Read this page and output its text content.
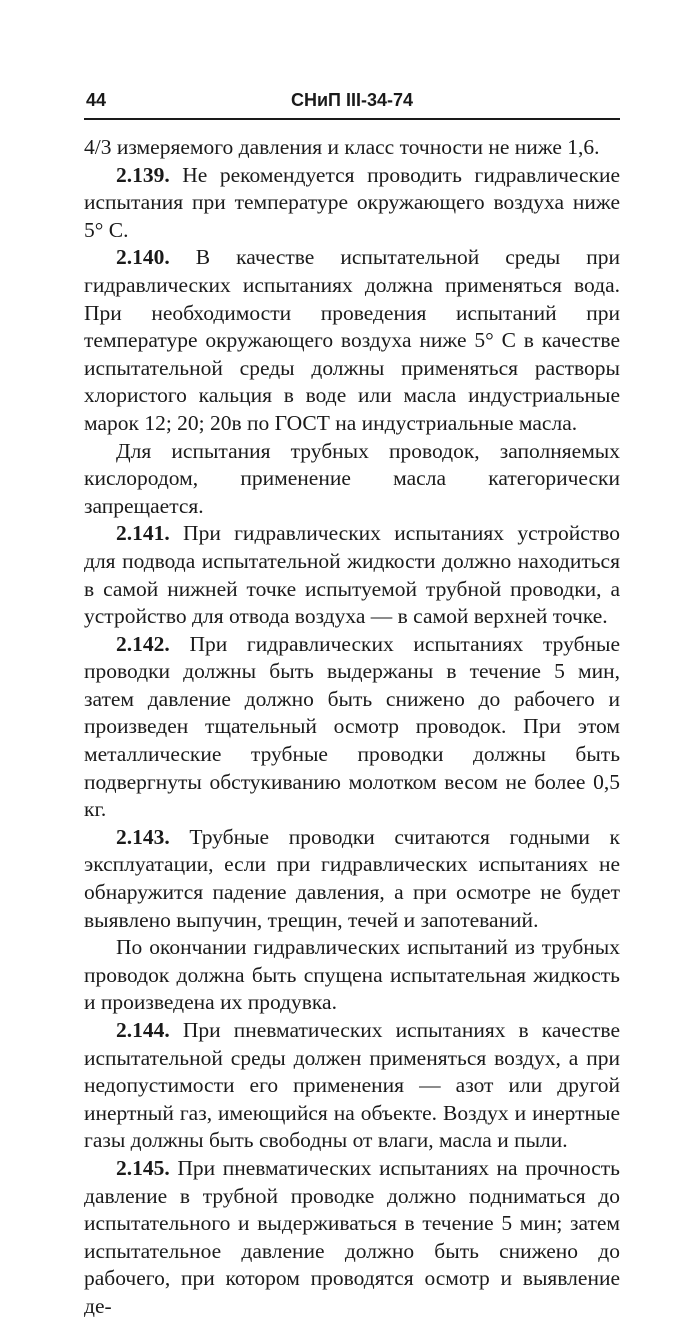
44	СНиП III-34-74

4/3 измеряемого давления и класс точности не ниже 1,6.

2.139. Не рекомендуется проводить гидравлические испытания при температуре окружающего воздуха ниже 5° С.

2.140. В качестве испытательной среды при гидравлических испытаниях должна применяться вода. При необходимости проведения испытаний при температуре окружающего воздуха ниже 5° С в качестве испытательной среды должны применяться растворы хлористого кальция в воде или масла индустриальные марок 12; 20; 20в по ГОСТ на индустриальные масла.

Для испытания трубных проводок, заполняемых кислородом, применение масла категорически запрещается.

2.141. При гидравлических испытаниях устройство для подвода испытательной жидкости должно находиться в самой нижней точке испытуемой трубной проводки, а устройство для отвода воздуха — в самой верхней точке.

2.142. При гидравлических испытаниях трубные проводки должны быть выдержаны в течение 5 мин, затем давление должно быть снижено до рабочего и произведен тщательный осмотр проводок. При этом металлические трубные проводки должны быть подвергнуты обстукиванию молотком весом не более 0,5 кг.

2.143. Трубные проводки считаются годными к эксплуатации, если при гидравлических испытаниях не обнаружится падение давления, а при осмотре не будет выявлено выпучин, трещин, течей и запотеваний.

По окончании гидравлических испытаний из трубных проводок должна быть спущена испытательная жидкость и произведена их продувка.

2.144. При пневматических испытаниях в качестве испытательной среды должен применяться воздух, а при недопустимости его применения — азот или другой инертный газ, имеющийся на объекте. Воздух и инертные газы должны быть свободны от влаги, масла и пыли.

2.145. При пневматических испытаниях на прочность давление в трубной проводке должно подниматься до испытательного и выдерживаться в течение 5 мин; затем испытательное давление должно быть снижено до рабочего, при котором проводятся осмотр и выявление де-
